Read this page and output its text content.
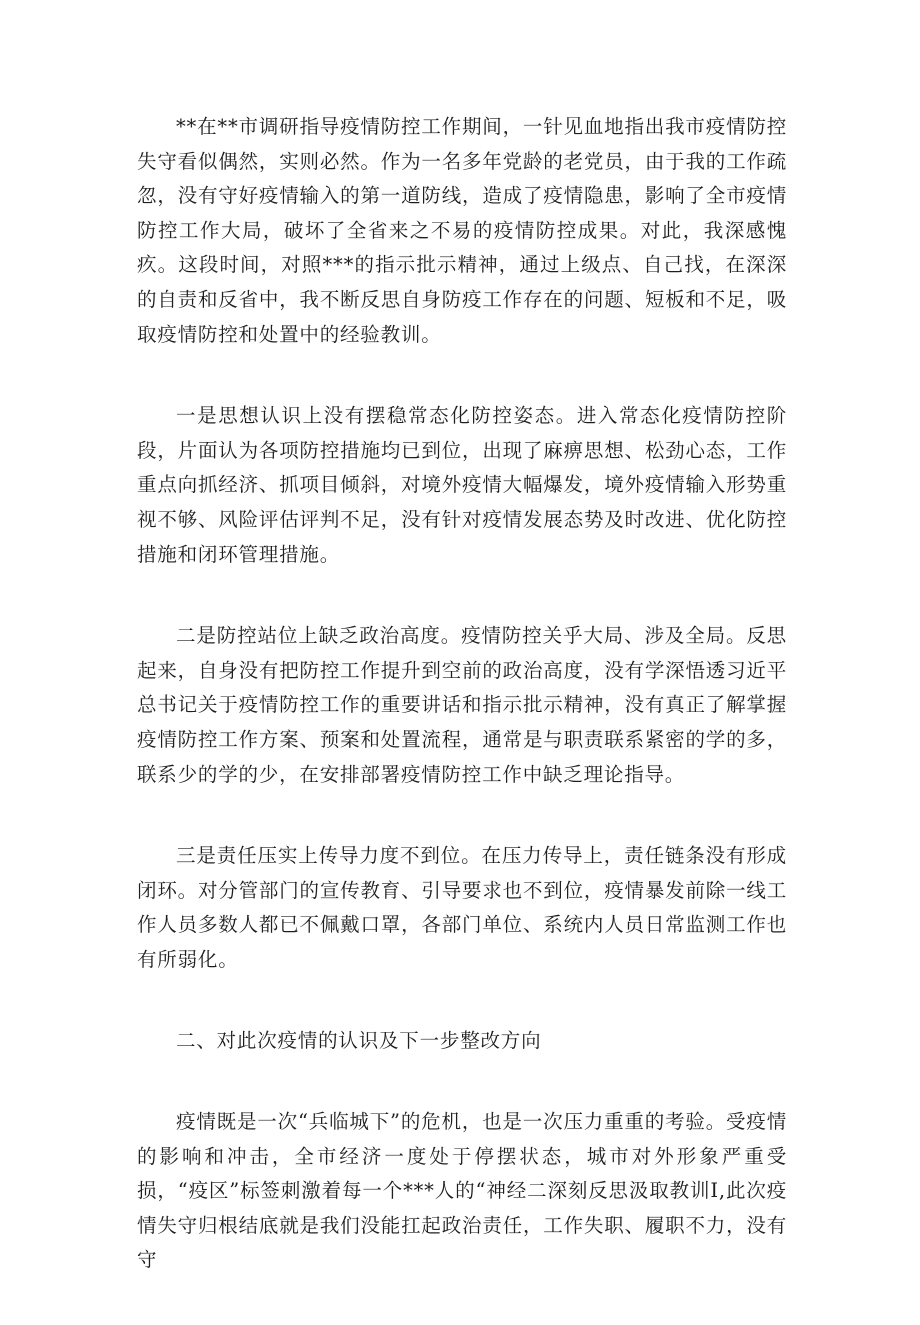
**在**市调研指导疫情防控工作期间，一针见血地指出我市疫情防控失守看似偶然，实则必然。作为一名多年党龄的老党员，由于我的工作疏忽，没有守好疫情输入的第一道防线，造成了疫情隐患，影响了全市疫情防控工作大局，破坏了全省来之不易的疫情防控成果。对此，我深感愧疚。这段时间，对照***的指示批示精神，通过上级点、自己找，在深深的自责和反省中，我不断反思自身防疫工作存在的问题、短板和不足，吸取疫情防控和处置中的经验教训。

一是思想认识上没有摆稳常态化防控姿态。进入常态化疫情防控阶段，片面认为各项防控措施均已到位，出现了麻痹思想、松劲心态，工作重点向抓经济、抓项目倾斜，对境外疫情大幅爆发，境外疫情输入形势重视不够、风险评估评判不足，没有针对疫情发展态势及时改进、优化防控措施和闭环管理措施。

二是防控站位上缺乏政治高度。疫情防控关乎大局、涉及全局。反思起来，自身没有把防控工作提升到空前的政治高度，没有学深悟透习近平总书记关于疫情防控工作的重要讲话和指示批示精神，没有真正了解掌握疫情防控工作方案、预案和处置流程，通常是与职责联系紧密的学的多，联系少的学的少，在安排部署疫情防控工作中缺乏理论指导。

三是责任压实上传导力度不到位。在压力传导上，责任链条没有形成闭环。对分管部门的宣传教育、引导要求也不到位，疫情暴发前除一线工作人员多数人都已不佩戴口罩，各部门单位、系统内人员日常监测工作也有所弱化。

二、对此次疫情的认识及下一步整改方向

疫情既是一次“兵临城下”的危机，也是一次压力重重的考验。受疫情的影响和冲击，全市经济一度处于停摆状态，城市对外形象严重受损，“疫区”标签刺激着每一个***人的“神经二深刻反思汲取教训I,此次疫情失守归根结底就是我们没能扛起政治责任，工作失职、履职不力，没有守
